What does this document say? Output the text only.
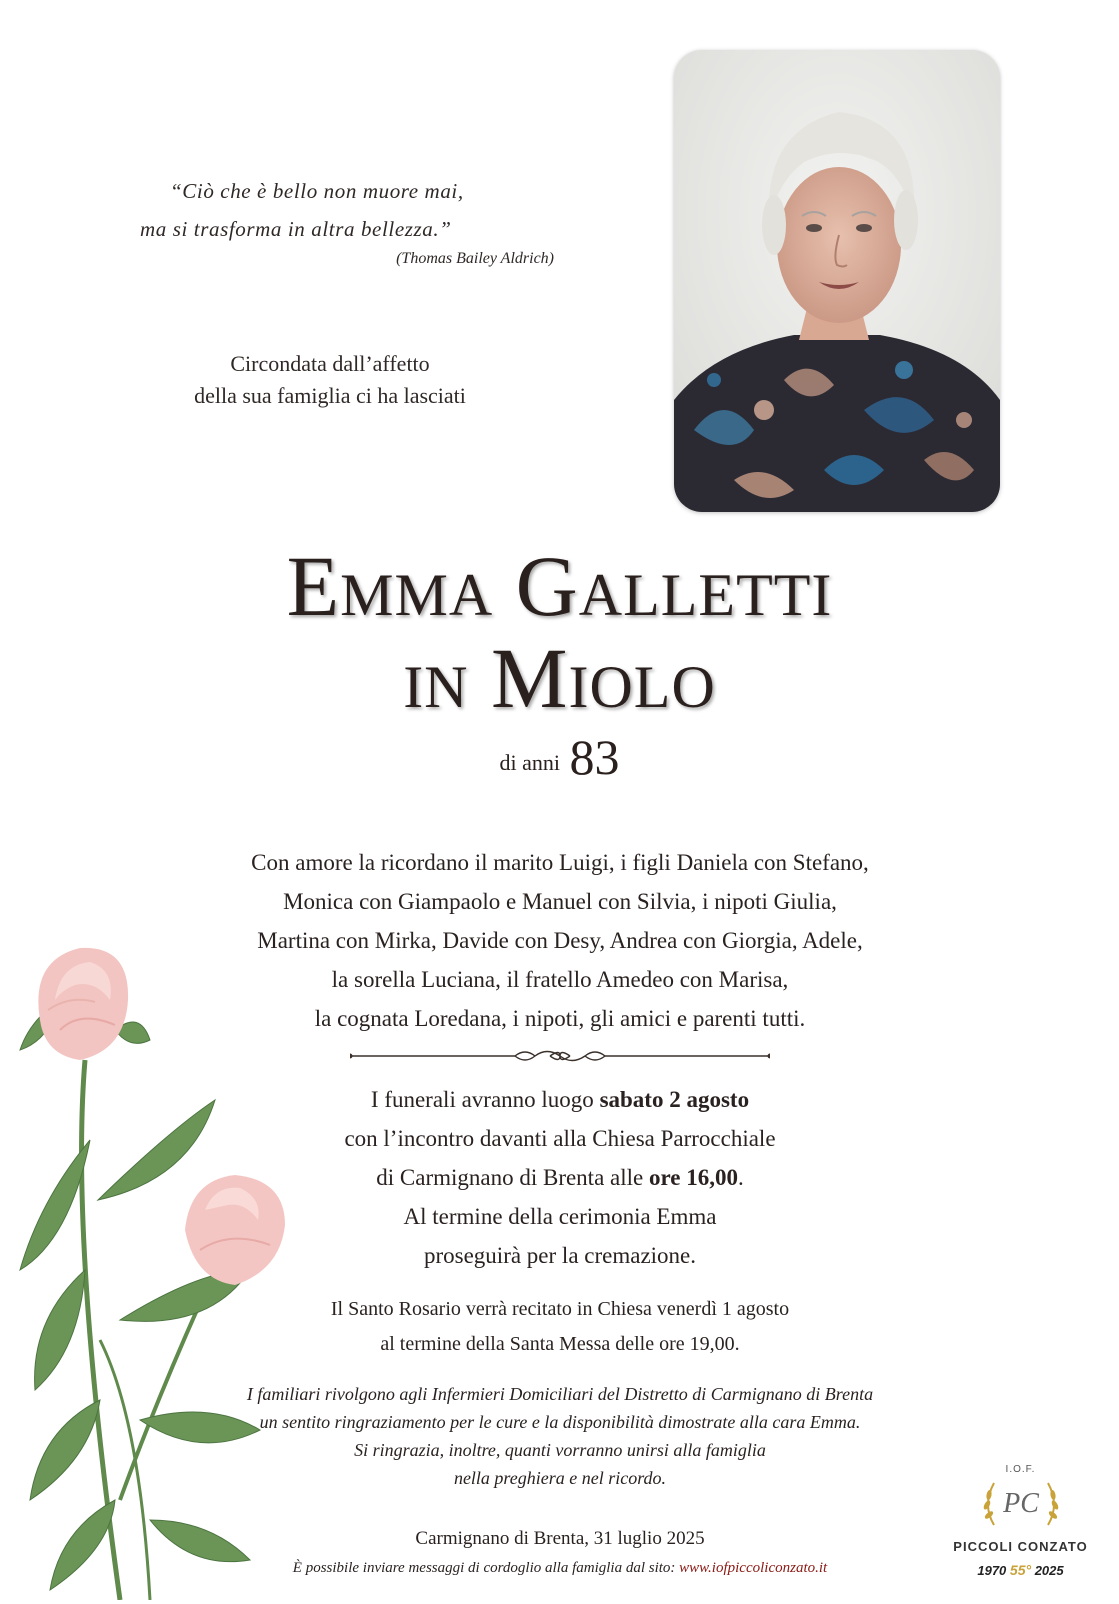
“Ciò che è bello non muore mai,
ma si trasforma in altra bellezza.”
(Thomas Bailey Aldrich)
Circondata dall’affetto
della sua famiglia ci ha lasciati
Emma Galletti
in Miolo
di anni 83
Con amore la ricordano il marito Luigi, i figli Daniela con Stefano,
Monica con Giampaolo e Manuel con Silvia, i nipoti Giulia,
Martina con Mirka, Davide con Desy, Andrea con Giorgia, Adele,
la sorella Luciana, il fratello Amedeo con Marisa,
la cognata Loredana, i nipoti, gli amici e parenti tutti.
I funerali avranno luogo sabato 2 agosto
con l’incontro davanti alla Chiesa Parrocchiale
di Carmignano di Brenta alle ore 16,00.
Al termine della cerimonia Emma
proseguirà per la cremazione.
Il Santo Rosario verrà recitato in Chiesa venerdì 1 agosto
al termine della Santa Messa delle ore 19,00.
I familiari rivolgono agli Infermieri Domiciliari del Distretto di Carmignano di Brenta
un sentito ringraziamento per le cure e la disponibilità dimostrate alla cara Emma.
Si ringrazia, inoltre, quanti vorranno unirsi alla famiglia
nella preghiera e nel ricordo.
Carmignano di Brenta, 31 luglio 2025
È possibile inviare messaggi di cordoglio alla famiglia dal sito: www.iofpiccoliconzato.it
I.O.F.
PC
PICCOLI CONZATO
1970 55° 2025
